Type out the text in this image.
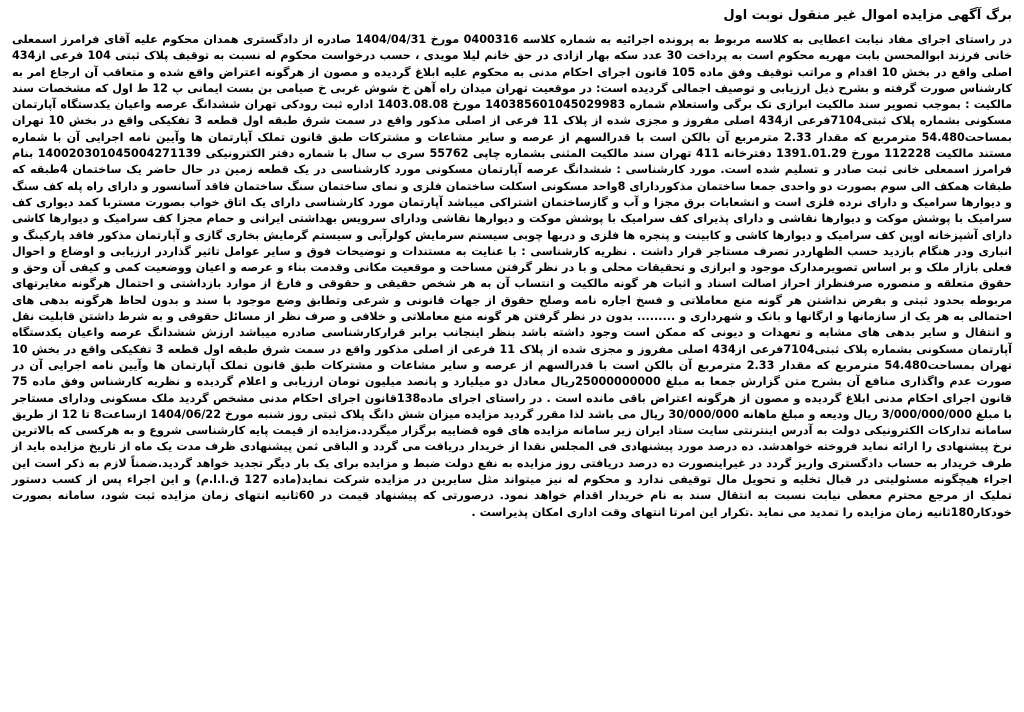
برگ آگهی مزایده اموال غیر منقول نوبت اول

در راستای اجرای مفاد نیابت اعطایی به کلاسه مربوط به پرونده اجرائیه به شماره کلاسه 0400316 مورخ 1404/04/31 صادره از دادگستری همدان محکوم علیه آقای فرامرز اسمعلی خانی فرزند ابوالمحسن بابت مهریه محکوم است به پرداخت 30 عدد سکه بهار ازادی در حق خانم لیلا مویدی ، حسب درخواست محکوم له نسبت به توقیف پلاک ثبتی 104 فرعی از434 اصلی واقع در بخش 10 اقدام و مراتب توقیف وفق ماده 105 قانون اجرای احکام مدنی به محکوم علیه ابلاغ گردیده و مصون از هرگونه اعتراض واقع شده و متعاقب آن ارجاع امر به کارشناس صورت گرفته و بشرح ذیل ارزیابی و توصیف اجمالی گردیده است: در موقعیت تهران میدان راه آهن خ شوش غربی خ صیامی بن بست ایمانی پ 12 ط اول که مشخصات سند مالکیت : بموجب تصویر سند مالکیت ابرازی تک برگی واستعلام شماره 140385601045029983 مورخ 1403.08.08 اداره ثبت رودکی تهران ششدانگ عرصه واعیان یکدستگاه آپارتمان مسکونی بشماره پلاک ثبتی7104فرعی از434 اصلی مفروز و مجزی شده از پلاک 11 فرعی از اصلی مذکور واقع در سمت شرق طبقه اول قطعه 3 تفکیکی واقع در بخش 10 تهران بمساحت54.480 مترمربع که مقدار 2.33 مترمربع آن بالکن است با قدرالسهم از عرصه و سایر مشاعات و مشترکات طبق قانون تملک آپارتمان ها وآیین نامه اجرایی آن با شماره مستند مالکیت 112228 مورخ 1391.01.29 دفترخانه 411 تهران سند مالکیت المثنی بشماره چاپی 55762 سری ب سال با شماره دفتر الکترونیکی 140020301045004271139 بنام فرامرز اسمعلی خانی ثبت صادر و تسلیم شده است. مورد کارشناسی : ششدانگ عرصه آپارتمان مسکونی مورد کارشناسی در یک قطعه زمین در حال حاضر یک ساختمان 4طبقه که طبقات همکف الی سوم بصورت دو واحدی جمعا ساختمان مذکوردارای 8واحد مسکونی اسکلت ساختمان فلزی و نمای ساختمان سنگ ساختمان فاقد آسانسور و دارای راه پله کف سنگ و دیوارها سرامیک و دارای نرده فلزی است و انشعابات برق مجزا و آب و گازساختمان اشتراکی میباشد آپارتمان مورد کارشناسی دارای یک اتاق خواب بصورت مستربا کمد دیواری کف سرامیک با پوشش موکت و دیوارها نقاشی و دارای پذیرای کف سرامیک با پوشش موکت و دیوارها نقاشی ودارای سرویس بهداشتی ایرانی و حمام مجزا کف سرامیک و دیوارها کاشی دارای آشپزخانه اوپن کف سرامیک و دیوارها کاشی و کابینت و پنجره ها فلزی و دربها چوبی سیستم سرمایش کولرآبی و سیستم گرمایش بخاری گازی و آپارتمان مذکور فاقد پارکینگ و انباری ودر هنگام بازدید حسب الظهاردر تصرف مستاجر قرار داشت . نظریه کارشناسی : با عنایت به مستندات و توضیحات فوق و سایر عوامل تاثیر گذاردر ارزیابی و اوضاع و احوال فعلی بازار ملک و بر اساس تصویرمدارک موجود و ابرازی و تحقیقات محلی و با در نظر گرفتن مساحت و موقعیت مکانی وقدمت بناء و عرصه و اعیان ووضعیت کمی و کیفی آن وحق و حقوق متعلقه و منصوره صرفنظراز احراز اصالت اسناد و اثبات هر گونه مالکیت و انتساب آن به هر شخص حقیقی و حقوقی و فارغ از موارد بازداشتی و احتمال هرگونه مغایرتهای مربوطه بحدود ثبتی و بفرض نداشتن هر گونه منع معاملاتی و فسخ اجاره نامه وصلح حقوق از جهات قانونی و شرعی وتطابق وضع موجود با سند و بدون لحاظ هرگونه بدهی های احتمالی به هر یک از سازمانها و ارگانها و بانک و شهرداری و ......... بدون در نظر گرفتن هر گونه منع معاملاتی و خلافی و صرف نظر از مسائل حقوقی و به شرط داشتن قابلیت نقل و انتقال و سایر بدهی های مشابه و تعهدات و دیونی که ممکن است وجود داشته باشد بنظر اینجانب برابر قرارکارشناسی صادره میباشد ارزش ششدانگ عرصه واعیان یکدستگاه آپارتمان مسکونی بشماره پلاک ثبتی7104فرعی از434 اصلی مفروز و مجزی شده از پلاک 11 فرعی از اصلی مذکور واقع در سمت شرق طبقه اول قطعه 3 تفکیکی واقع در بخش 10 تهران بمساحت54.480 مترمربع که مقدار 2.33 مترمربع آن بالکن است با قدرالسهم از عرصه و سایر مشاعات و مشترکات طبق قانون تملک آپارتمان ها وآیین نامه اجرایی آن در صورت عدم واگذاری منافع آن بشرح متن گزارش جمعا به مبلغ 25000000000ریال معادل دو میلیارد و پانصد میلیون تومان ارزیابی و اعلام گردیده و نظریه کارشناس وفق ماده 75 قانون اجرای احکام مدنی ابلاغ گردیده و مصون از هرگونه اعتراض باقی مانده است . در راستای اجرای ماده138قانون اجرای احکام مدنی مشخص گردید ملک مسکونی ودارای مستاجر با مبلغ 3/000/000/000 ریال ودیعه و مبلغ ماهانه 30/000/000 ریال می باشد لذا مقرر گردید مزایده میزان شش دانگ پلاک ثبتی روز شنبه مورخ 1404/06/22 ازساعت8 تا 12 از طریق سامانه تدارکات الکترونیکی دولت به آدرس اینترنتی سایت ستاد ایران زیر سامانه مزایده های قوه قضاییه برگزار میگردد.مزایده از قیمت پایه کارشناسی شروع و به هرکسی که بالاترین نرخ پیشنهادی را ارائه نماید فروخته خواهدشد. ده درصد مورد پیشنهادی فی المجلس نقدا از خریدار دریافت می گردد و الباقی ثمن پیشنهادی ظرف مدت یک ماه از تاریخ مزایده باید از طرف خریدار به حساب دادگستری واریز گردد در غیراینصورت ده درصد دریافتی روز مزایده به نفع دولت ضبط و مزایده برای یک بار دیگر تجدید خواهد گردید.ضمناً لازم به ذکر است این اجراء هیچگونه مسئولیتی در قبال تخلیه و تحویل مال توقیفی ندارد و محکوم له نیز میتواند مثل سایرین در مزایده شرکت نماید(ماده 127 ق.ا.ا.م) و این اجراء پس از کسب دستور تملیک از مرجع محترم معطی نیابت نسبت به انتقال سند به نام خریدار اقدام خواهد نمود. درصورتی که پیشنهاد قیمت در 60ثانیه انتهای زمان مزایده ثبت شود، سامانه بصورت خودکار180ثانیه زمان مزایده را تمدید می نماید .تکرار این امرتا انتهای وقت اداری امکان پذیراست .
